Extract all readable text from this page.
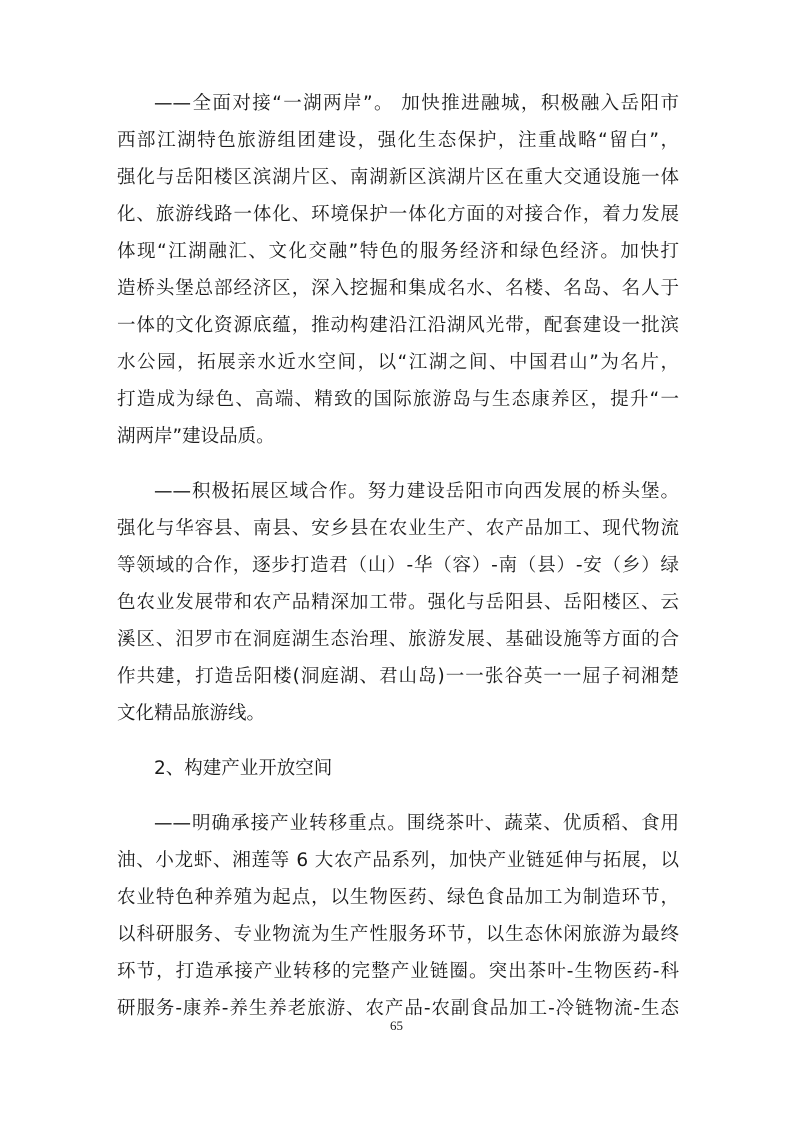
——全面对接“一湖两岸”。 加快推进融城，积极融入岳阳市
西部江湖特色旅游组团建设，强化生态保护，注重战略“留白”，
强化与岳阳楼区滨湖片区、南湖新区滨湖片区在重大交通设施一体
化、旅游线路一体化、环境保护一体化方面的对接合作，着力发展
体现“江湖融汇、文化交融”特色的服务经济和绿色经济。加快打
造桥头堡总部经济区，深入挖掘和集成名水、名楼、名岛、名人于
一体的文化资源底蕴，推动构建沿江沿湖风光带，配套建设一批滨
水公园，拓展亲水近水空间，以“江湖之间、中国君山”为名片，
打造成为绿色、高端、精致的国际旅游岛与生态康养区，提升“一
湖两岸”建设品质。
——积极拓展区域合作。努力建设岳阳市向西发展的桥头堡。
强化与华容县、南县、安乡县在农业生产、农产品加工、现代物流
等领域的合作，逐步打造君（山）-华（容）-南（县）-安（乡）绿
色农业发展带和农产品精深加工带。强化与岳阳县、岳阳楼区、云
溪区、汨罗市在洞庭湖生态治理、旅游发展、基础设施等方面的合
作共建，打造岳阳楼(洞庭湖、君山岛)一一张谷英一一屈子祠湘楚
文化精品旅游线。
2、构建产业开放空间
——明确承接产业转移重点。围绕茶叶、蔬菜、优质稻、食用
油、小龙虾、湘莲等 6 大农产品系列，加快产业链延伸与拓展，以
农业特色种养殖为起点，以生物医药、绿色食品加工为制造环节，
以科研服务、专业物流为生产性服务环节，以生态休闲旅游为最终
环节，打造承接产业转移的完整产业链圈。突出茶叶-生物医药-科
研服务-康养-养生养老旅游、农产品-农副食品加工-冷链物流-生态
65
